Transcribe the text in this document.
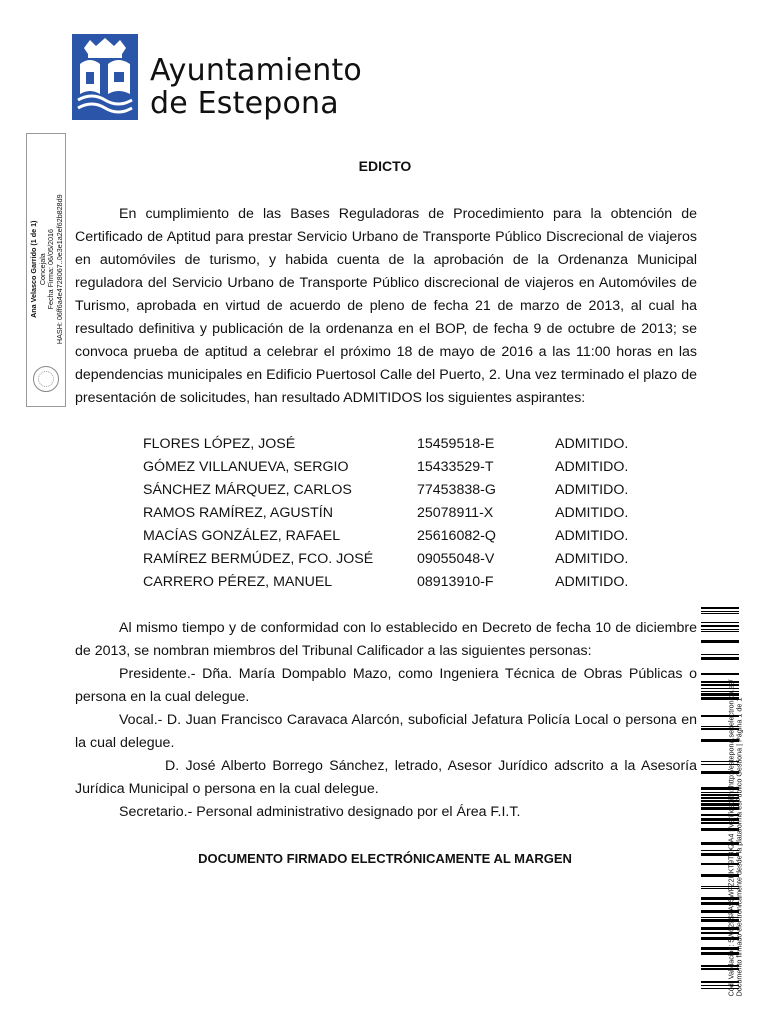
Ayuntamiento
de Estepona
Ana Velasco Garrido (1 de 1) Concejala Fecha Firma: 06/05/2016 HASH: 06ff6a4e4728067..0e3e1a2ef62b828d9
EDICTO
En cumplimiento de las Bases Reguladoras de Procedimiento para la obtención de Certificado de Aptitud para prestar Servicio Urbano de Transporte Público Discrecional de viajeros en automóviles de turismo, y habida cuenta de la aprobación de la Ordenanza Municipal reguladora del Servicio Urbano de Transporte Público discrecional de viajeros en Automóviles de Turismo, aprobada en virtud de acuerdo de pleno de fecha 21 de marzo de 2013, al cual ha resultado definitiva y publicación de la ordenanza en el BOP, de fecha 9 de octubre de 2013; se convoca prueba de aptitud a celebrar el próximo 18 de mayo de 2016 a las 11:00 horas en las dependencias municipales en Edificio Puertosol Calle del Puerto, 2. Una vez terminado el plazo de presentación de solicitudes, han resultado ADMITIDOS los siguientes aspirantes:
FLORES LÓPEZ, JOSÉ	15459518-E	ADMITIDO.
GÓMEZ VILLANUEVA, SERGIO	15433529-T	ADMITIDO.
SÁNCHEZ MÁRQUEZ, CARLOS	77453838-G	ADMITIDO.
RAMOS RAMÍREZ, AGUSTÍN	25078911-X	ADMITIDO.
MACÍAS GONZÁLEZ, RAFAEL	25616082-Q	ADMITIDO.
RAMÍREZ BERMÚDEZ, FCO. JOSÉ	09055048-V	ADMITIDO.
CARRERO PÉREZ, MANUEL	08913910-F	ADMITIDO.
Al mismo tiempo y de conformidad con lo establecido en Decreto de fecha 10 de diciembre de 2013, se nombran miembros del Tribunal Calificador a las siguientes personas:
Presidente.- Dña. María Dompablo Mazo, como Ingeniera Técnica de Obras Públicas o persona en la cual delegue.
Vocal.- D. Juan Francisco Caravaca Alarcón, suboficial Jefatura Policía Local o persona en la cual delegue.
D. José Alberto Borrego Sánchez, letrado, Asesor Jurídico adscrito a la Asesoría Jurídica Municipal o persona en la cual delegue.
Secretario.- Personal administrativo designado por el Área F.I.T.
DOCUMENTO FIRMADO ELECTRÓNICAMENTE AL MARGEN	Cód. Validación: 5W629SPA95WFZ2HKT9T3XZA4 | Verificación: http://estepona.sedelectronica.es/ Documento firmado electrónicamente desde la plataforma esPublico Gestiona | Página 1 de 1
